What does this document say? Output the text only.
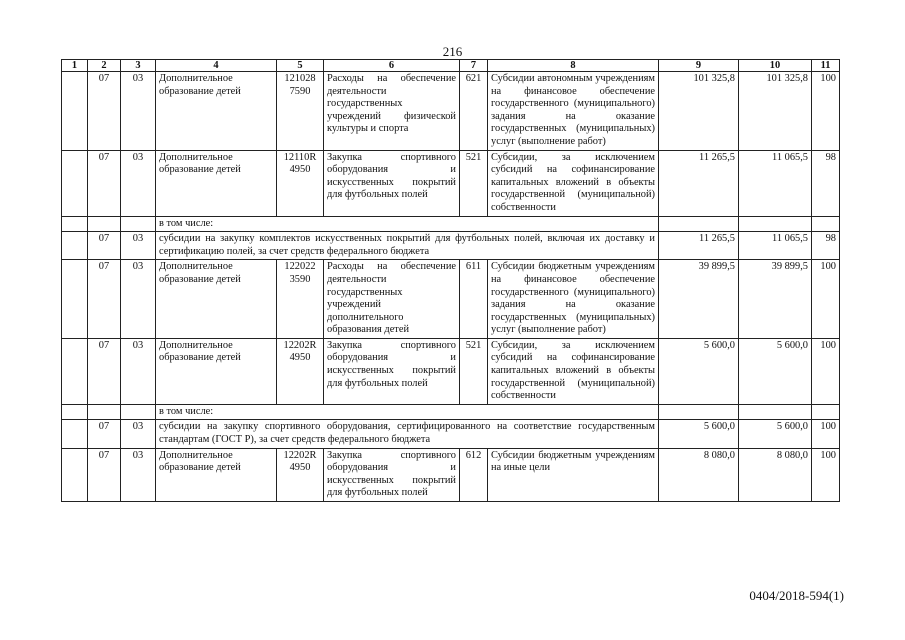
216
1	2	3	4	5	6	7	8	9	10	11
	07	03	Дополнительное образование детей	121028 7590	Расходы на обеспечение деятельности государственных учреждений физической культуры и спорта	621	Субсидии автономным учреждениям на финансовое обеспечение государственного (муниципального) задания на оказание государственных (муниципальных) услуг (выполнение работ)	101 325,8	101 325,8	100
	07	03	Дополнительное образование детей	12110R 4950	Закупка спортивного оборудования и искусственных покрытий для футбольных полей	521	Субсидии, за исключением субсидий на софинансирование капитальных вложений в объекты государственной (муниципальной) собственности	11 265,5	11 065,5	98
			в том числе:							
	07	03	субсидии на закупку комплектов искусственных покрытий для футбольных полей, включая их доставку и сертификацию полей, за счет средств федерального бюджета					11 265,5	11 065,5	98
	07	03	Дополнительное образование детей	122022 3590	Расходы на обеспечение деятельности государственных учреждений дополнительного образования детей	611	Субсидии бюджетным учреждениям на финансовое обеспечение государственного (муниципального) задания на оказание государственных (муниципальных) услуг (выполнение работ)	39 899,5	39 899,5	100
	07	03	Дополнительное образование детей	12202R 4950	Закупка спортивного оборудования и искусственных покрытий для футбольных полей	521	Субсидии, за исключением субсидий на софинансирование капитальных вложений в объекты государственной (муниципальной) собственности	5 600,0	5 600,0	100
			в том числе:							
	07	03	субсидии на закупку спортивного оборудования, сертифицированного на соответствие государственным стандартам (ГОСТ Р), за счет средств федерального бюджета					5 600,0	5 600,0	100
	07	03	Дополнительное образование детей	12202R 4950	Закупка спортивного оборудования и искусственных покрытий для футбольных полей	612	Субсидии бюджетным учреждениям на иные цели	8 080,0	8 080,0	100
0404/2018-594(1)
